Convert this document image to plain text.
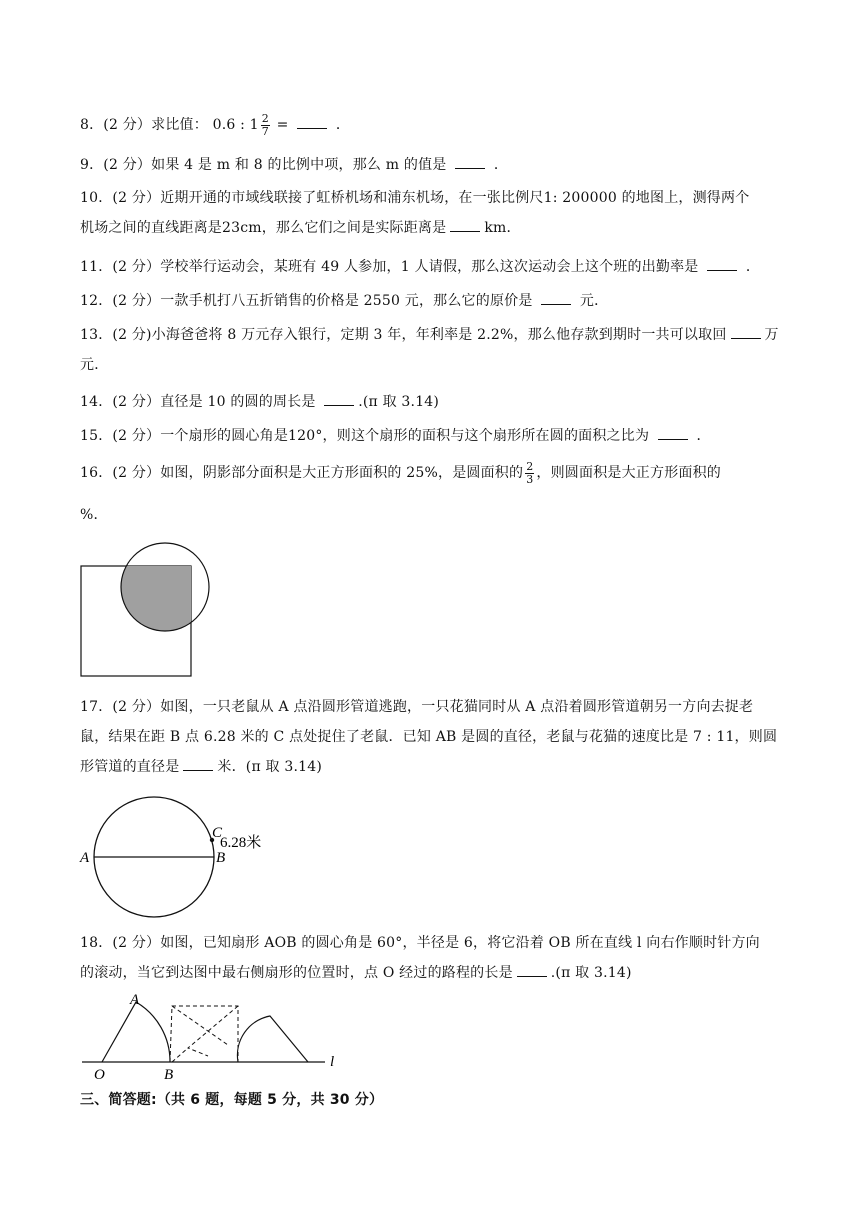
8．(2 分）求比值： 0.6 : $1 \frac{2}{7}$ =	．
9．(2 分）如果 4 是 m 和 8 的比例中项，那么 m 的值是	．
10．(2 分）近期开通的市域线联接了虹桥机场和浦东机场，在一张比例尺1: 200000 的地图上，测得两个
机场之间的直线距离是23cm，那么它们之间是实际距离是	km．
11．(2 分）学校举行运动会，某班有 49 人参加，1 人请假，那么这次运动会上这个班的出勤率是	．
12．(2 分）一款手机打八五折销售的价格是 2550 元，那么它的原价是	元．
13．(2 分)小海爸爸将 8 万元存入银行，定期 3 年，年利率是 2.2%，那么他存款到期时一共可以取回	万
元．
14．(2 分）直径是 10 的圆的周长是	.(π 取 3.14)
15．(2 分）一个扇形的圆心角是120°，则这个扇形的面积与这个扇形所在圆的面积之比为	．
16．(2 分）如图，阴影部分面积是大正方形面积的 25%，是圆面积的 $\frac{2}{3}$ ，则圆面积是大正方形面积的
%．
17．(2 分）如图，一只老鼠从 A 点沿圆形管道逃跑，一只花猫同时从 A 点沿着圆形管道朝另一方向去捉老
鼠，结果在距 B 点 6.28 米的 C 点处捉住了老鼠．已知 AB 是圆的直径，老鼠与花猫的速度比是 7 : 11，则圆
形管道的直径是	米．(π 取 3.14)
A	B
C
6.28米
18．(2 分）如图，已知扇形 AOB 的圆心角是 60°，半径是 6，将它沿着 OB 所在直线 l 向右作顺时针方向
的滚动，当它到达图中最右侧扇形的位置时，点 O 经过的路程的长是	.(π 取 3.14)
A
O	B
l
三、简答题:（共 6 题，每题 5 分，共 30 分）
